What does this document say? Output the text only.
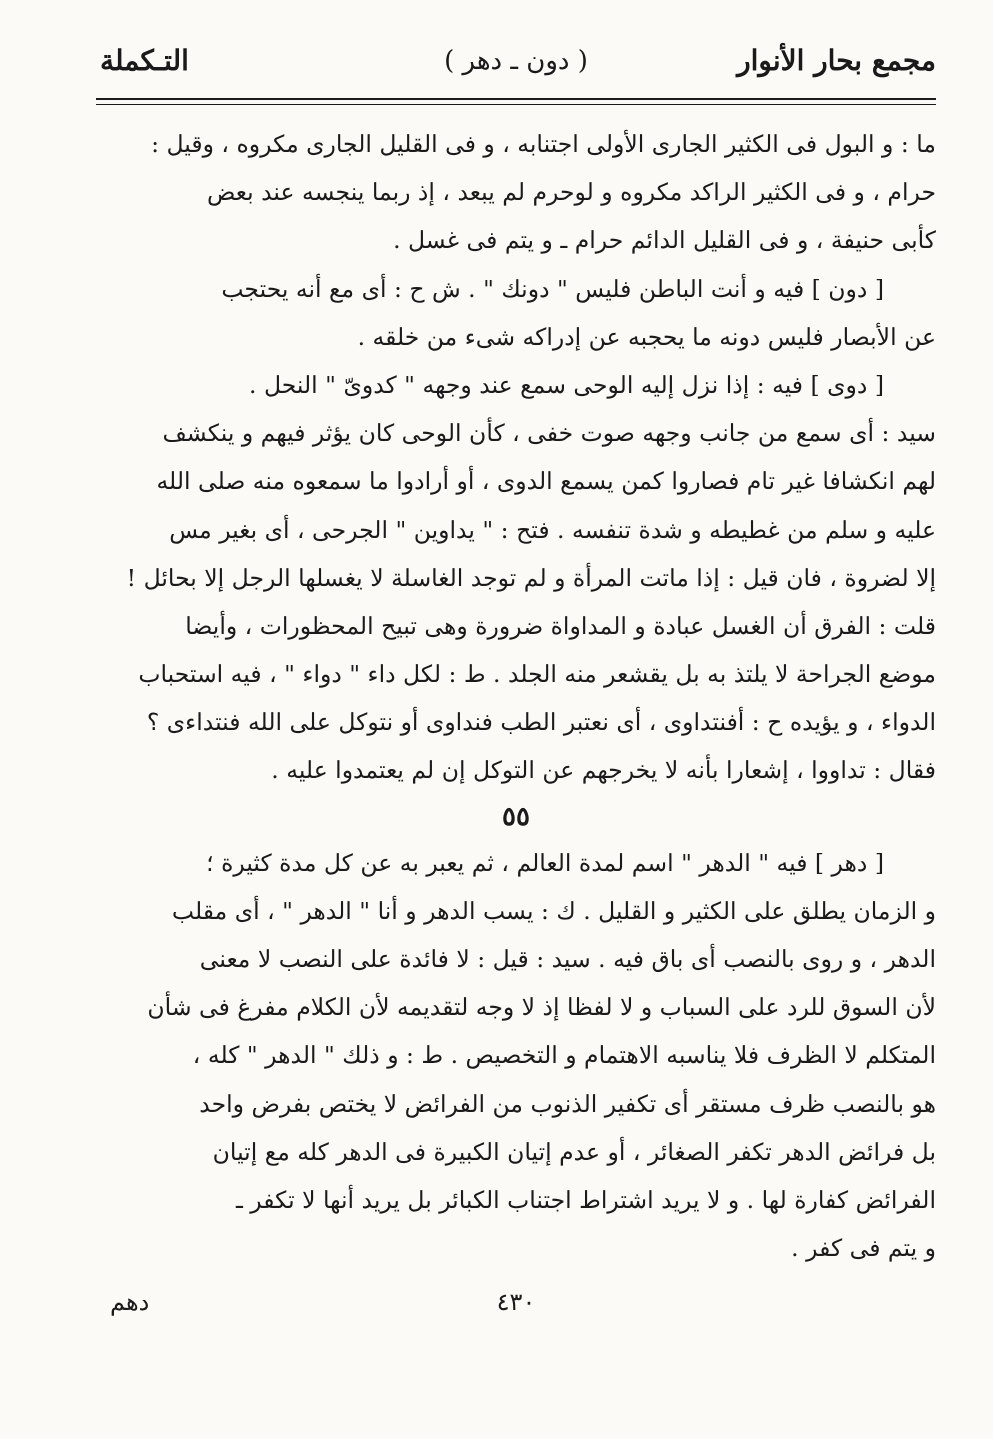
مجمع بحار الأنوار
( دون ـ دهر )
التـكملة
ما : و البول فى الكثير الجارى الأولى اجتنابه ، و فى القليل الجارى مكروه ، وقيل :
حرام ، و فى الكثير الراكد مكروه و لوحرم لم يبعد ، إذ ربما ينجسه عند بعض
كأبى حنيفة ، و فى القليل الدائم حرام ـ و يتم فى غسل .
[ دون ] فيه و أنت الباطن فليس " دونك " . ش ح : أى مع أنه يحتجب
عن الأبصار فليس دونه ما يحجبه عن إدراكه شىء من خلقه .
[ دوى ] فيه : إذا نزل إليه الوحى سمع عند وجهه " كدوىّ " النحل .
سيد : أى سمع من جانب وجهه صوت خفى ، كأن الوحى كان يؤثر فيهم و ينكشف
لهم انكشافا غير تام فصاروا كمن يسمع الدوى ، أو أرادوا ما سمعوه منه صلى الله
عليه و سلم من غطيطه و شدة تنفسه . فتح : " يداوين " الجرحى ، أى بغير مس
إلا لضروة ، فان قيل : إذا ماتت المرأة و لم توجد الغاسلة لا يغسلها الرجل إلا بحائل !
قلت : الفرق أن الغسل عبادة و المداواة ضرورة وهى تبيح المحظورات ، وأيضا
موضع الجراحة لا يلتذ به بل يقشعر منه الجلد . ط : لكل داء " دواء " ، فيه استحباب
الدواء ، و يؤيده ح : أفنتداوى ، أى نعتبر الطب فنداوى أو نتوكل على الله فنتداءى ؟
فقال : تداووا ، إشعارا بأنه لا يخرجهم عن التوكل إن لم يعتمدوا عليه .
٥٥
[ دهر ] فيه " الدهر " اسم لمدة العالم ، ثم يعبر به عن كل مدة كثيرة ؛
و الزمان يطلق على الكثير و القليل . ك : يسب الدهر و أنا " الدهر " ، أى مقلب
الدهر ، و روى بالنصب أى باق فيه . سيد : قيل : لا فائدة على النصب لا معنى
لأن السوق للرد على السباب و لا لفظا إذ لا وجه لتقديمه لأن الكلام مفرغ فى شأن
المتكلم لا الظرف فلا يناسبه الاهتمام و التخصيص . ط : و ذلك " الدهر " كله ،
هو بالنصب ظرف مستقر أى تكفير الذنوب من الفرائض لا يختص بفرض واحد
بل فرائض الدهر تكفر الصغائر ، أو عدم إتيان الكبيرة فى الدهر كله مع إتيان
الفرائض كفارة لها . و لا يريد اشتراط اجتناب الكبائر بل يريد أنها لا تكفر ـ
و يتم فى كفر .
٤٣٠
دهم
